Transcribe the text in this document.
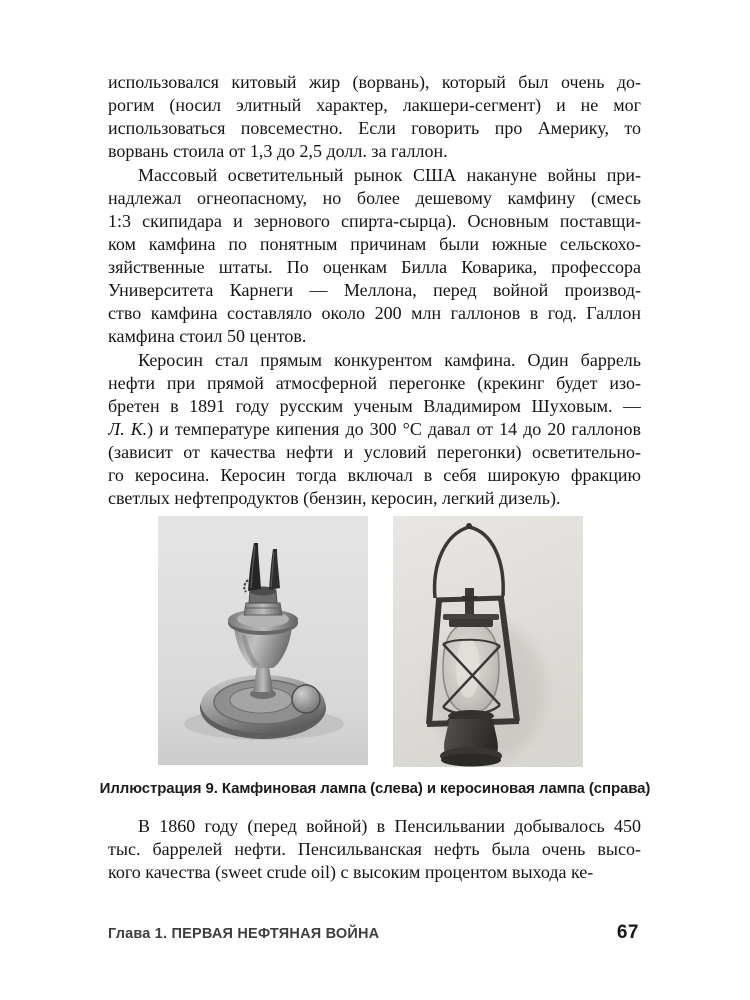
использовался китовый жир (ворвань), который был очень до-
рогим (носил элитный характер, лакшери-сегмент) и не мог
использоваться повсеместно. Если говорить про Америку, то
ворвань стоила от 1,3 до 2,5 долл. за галлон.
Массовый осветительный рынок США накануне войны при-
надлежал огнеопасному, но более дешевому камфину (смесь
1:3 скипидара и зернового спирта-сырца). Основным поставщи-
ком камфина по понятным причинам были южные сельскохо-
зяйственные штаты. По оценкам Билла Коварика, профессора
Университета Карнеги — Меллона, перед войной производ-
ство камфина составляло около 200 млн галлонов в год. Галлон
камфина стоил 50 центов.
Керосин стал прямым конкурентом камфина. Один баррель
нефти при прямой атмосферной перегонке (крекинг будет изо-
бретен в 1891 году русским ученым Владимиром Шуховым. —
Л. К.) и температуре кипения до 300 °C давал от 14 до 20 галлонов
(зависит от качества нефти и условий перегонки) осветительно-
го керосина. Керосин тогда включал в себя широкую фракцию
светлых нефтепродуктов (бензин, керосин, легкий дизель).
Иллюстрация 9. Камфиновая лампа (слева) и керосиновая лампа (справа)
В 1860 году (перед войной) в Пенсильвании добывалось 450
тыс. баррелей нефти. Пенсильванская нефть была очень высо-
кого качества (sweet crude oil) с высоким процентом выхода ке-
Глава 1. ПЕРВАЯ НЕФТЯНАЯ ВОЙНА	67
